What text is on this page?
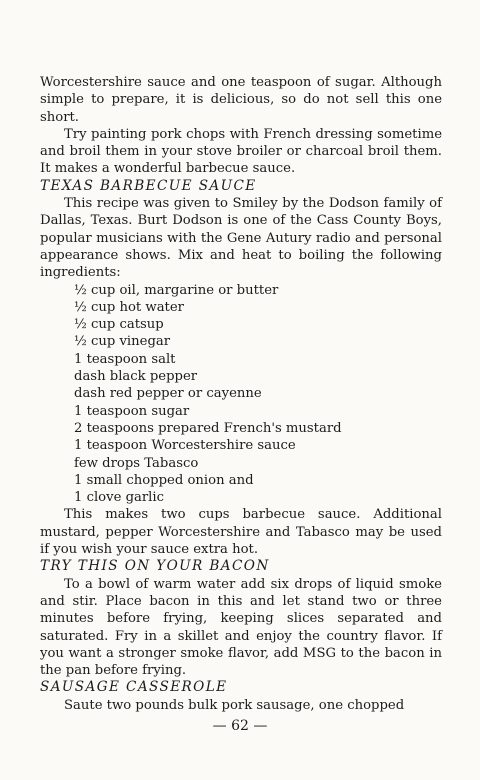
Worcestershire sauce and one teaspoon of sugar. Although simple to prepare, it is delicious, so do not sell this one short.

Try painting pork chops with French dressing sometime and broil them in your stove broiler or charcoal broil them. It makes a wonderful barbecue sauce.

TEXAS BARBECUE SAUCE

This recipe was given to Smiley by the Dodson family of Dallas, Texas. Burt Dodson is one of the Cass County Boys, popular musicians with the Gene Autury radio and personal appearance shows. Mix and heat to boiling the following ingredients:

½ cup oil, margarine or butter
½ cup hot water
½ cup catsup
½ cup vinegar
1 teaspoon salt
dash black pepper
dash red pepper or cayenne
1 teaspoon sugar
2 teaspoons prepared French's mustard
1 teaspoon Worcestershire sauce
few drops Tabasco
1 small chopped onion and
1 clove garlic

This makes two cups barbecue sauce. Additional mustard, pepper Worcestershire and Tabasco may be used if you wish your sauce extra hot.

TRY THIS ON YOUR BACON

To a bowl of warm water add six drops of liquid smoke and stir. Place bacon in this and let stand two or three minutes before frying, keeping slices separated and saturated. Fry in a skillet and enjoy the country flavor. If you want a stronger smoke flavor, add MSG to the bacon in the pan before frying.

SAUSAGE CASSEROLE

Saute two pounds bulk pork sausage, one chopped

— 62 —
